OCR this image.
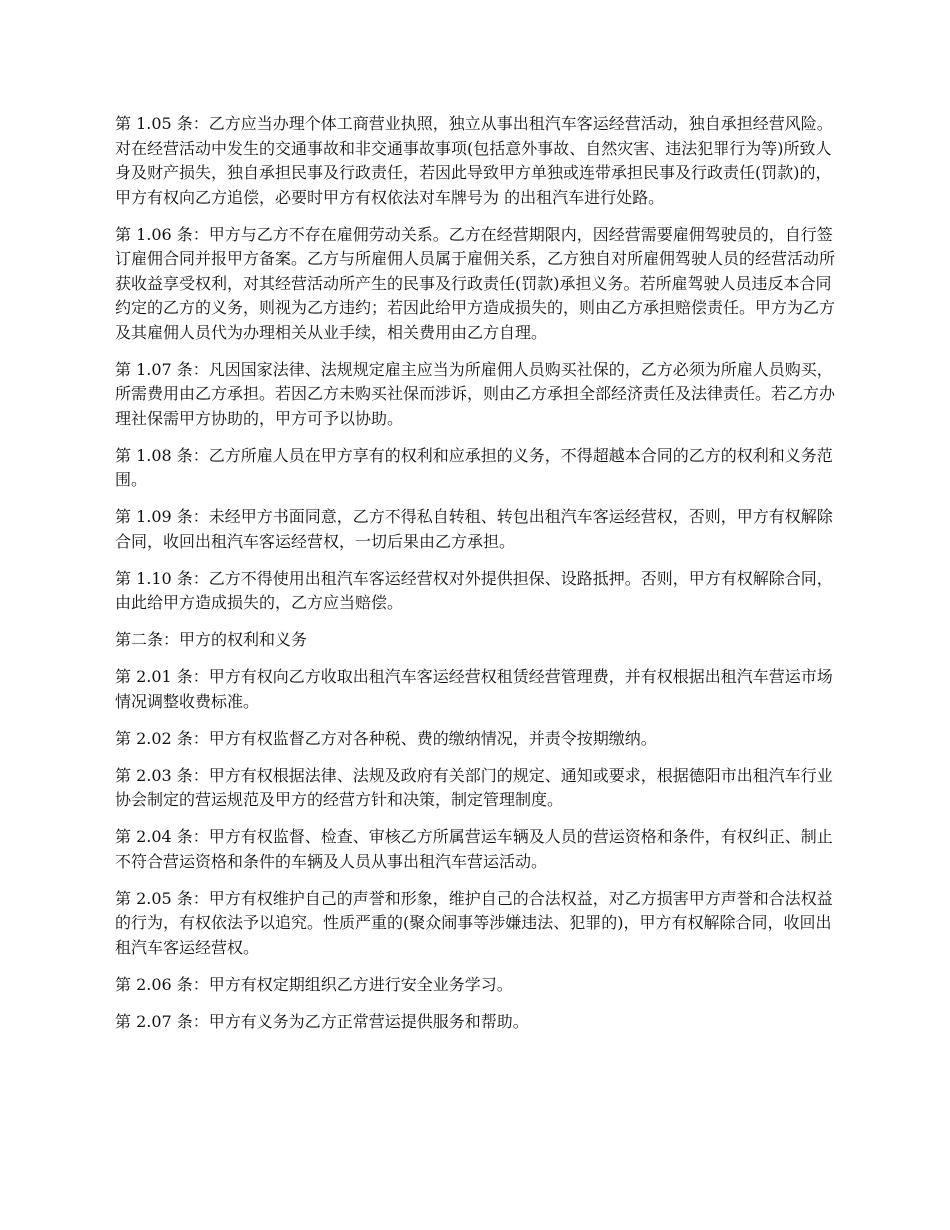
第 1.05 条：乙方应当办理个体工商营业执照，独立从事出租汽车客运经营活动，独自承担经营风险。对在经营活动中发生的交通事故和非交通事故事项(包括意外事故、自然灾害、违法犯罪行为等)所致人身及财产损失，独自承担民事及行政责任，若因此导致甲方单独或连带承担民事及行政责任(罚款)的，甲方有权向乙方追偿，必要时甲方有权依法对车牌号为 的出租汽车进行处路。

第 1.06 条：甲方与乙方不存在雇佣劳动关系。乙方在经营期限内，因经营需要雇佣驾驶员的，自行签订雇佣合同并报甲方备案。乙方与所雇佣人员属于雇佣关系，乙方独自对所雇佣驾驶人员的经营活动所获收益享受权利，对其经营活动所产生的民事及行政责任(罚款)承担义务。若所雇驾驶人员违反本合同约定的乙方的义务，则视为乙方违约；若因此给甲方造成损失的，则由乙方承担赔偿责任。甲方为乙方及其雇佣人员代为办理相关从业手续，相关费用由乙方自理。

第 1.07 条：凡因国家法律、法规规定雇主应当为所雇佣人员购买社保的，乙方必须为所雇人员购买，所需费用由乙方承担。若因乙方未购买社保而涉诉，则由乙方承担全部经济责任及法律责任。若乙方办理社保需甲方协助的，甲方可予以协助。

第 1.08 条：乙方所雇人员在甲方享有的权利和应承担的义务，不得超越本合同的乙方的权利和义务范围。

第 1.09 条：未经甲方书面同意，乙方不得私自转租、转包出租汽车客运经营权，否则，甲方有权解除合同，收回出租汽车客运经营权，一切后果由乙方承担。

第 1.10 条：乙方不得使用出租汽车客运经营权对外提供担保、设路抵押。否则，甲方有权解除合同，由此给甲方造成损失的，乙方应当赔偿。

第二条：甲方的权利和义务

第 2.01 条：甲方有权向乙方收取出租汽车客运经营权租赁经营管理费，并有权根据出租汽车营运市场情况调整收费标准。

第 2.02 条：甲方有权监督乙方对各种税、费的缴纳情况，并责令按期缴纳。

第 2.03 条：甲方有权根据法律、法规及政府有关部门的规定、通知或要求，根据德阳市出租汽车行业协会制定的营运规范及甲方的经营方针和决策，制定管理制度。

第 2.04 条：甲方有权监督、检查、审核乙方所属营运车辆及人员的营运资格和条件，有权纠正、制止不符合营运资格和条件的车辆及人员从事出租汽车营运活动。

第 2.05 条：甲方有权维护自己的声誉和形象，维护自己的合法权益，对乙方损害甲方声誉和合法权益的行为，有权依法予以追究。性质严重的(聚众闹事等涉嫌违法、犯罪的)，甲方有权解除合同，收回出租汽车客运经营权。

第 2.06 条：甲方有权定期组织乙方进行安全业务学习。

第 2.07 条：甲方有义务为乙方正常营运提供服务和帮助。
